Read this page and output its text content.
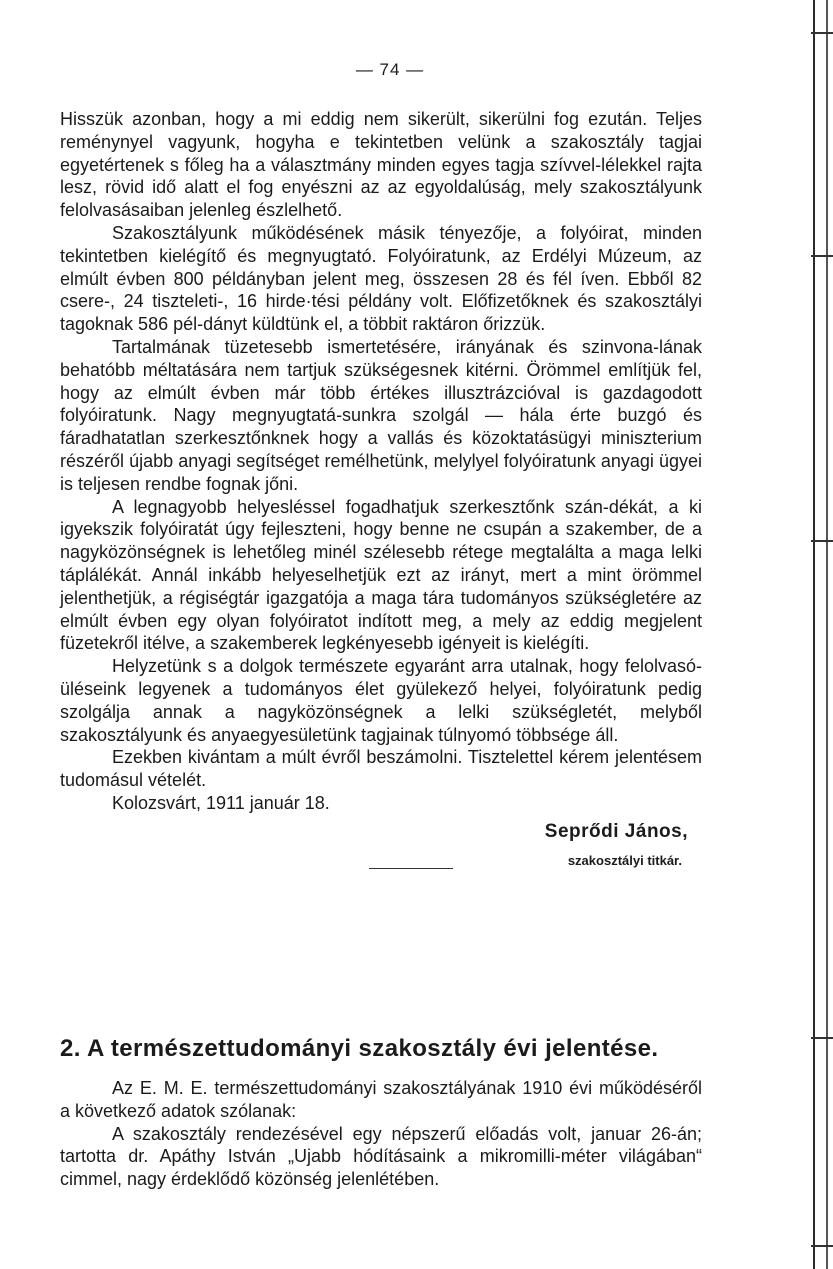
— 74 —

Hisszük azonban, hogy a mi eddig nem sikerült, sikerülni fog ezután. Teljes reménynyel vagyunk, hogyha e tekintetben velünk a szakosztály tagjai egyetértenek s főleg ha a választmány minden egyes tagja szívvel-lélekkel rajta lesz, rövid idő alatt el fog enyészni az az egyoldalúság, mely szakosztályunk felolvasásaiban jelenleg észlelhető.

Szakosztályunk működésének másik tényezője, a folyóirat, minden tekintetben kielégítő és megnyugtató. Folyóiratunk, az Erdélyi Múzeum, az elmúlt évben 800 példányban jelent meg, összesen 28 és fél íven. Ebből 82 csere-, 24 tiszteleti-, 16 hirde·tési példány volt. Előfizetőknek és szakosztályi tagoknak 586 pél-dányt küldtünk el, a többit raktáron őrizzük.

Tartalmának tüzetesebb ismertetésére, irányának és szinvona-lának behatóbb méltatására nem tartjuk szükségesnek kitérni. Örömmel említjük fel, hogy az elmúlt évben már több értékes illusztrázcióval is gazdagodott folyóiratunk. Nagy megnyugtatá-sunkra szolgál — hála érte buzgó és fáradhatatlan szerkesztőnknek hogy a vallás és közoktatásügyi miniszterium részéről újabb anyagi segítséget remélhetünk, melylyel folyóiratunk anyagi ügyei is teljesen rendbe fognak jőni.

A legnagyobb helyesléssel fogadhatjuk szerkesztőnk szán-dékát, a ki igyekszik folyóiratát úgy fejleszteni, hogy benne ne csupán a szakember, de a nagyközönségnek is lehetőleg minél szélesebb rétege megtalálta a maga lelki táplálékát. Annál inkább helyeselhetjük ezt az irányt, mert a mint örömmel jelenthetjük, a régiségtár igazgatója a maga tára tudományos szükségletére az elmúlt évben egy olyan folyóiratot indított meg, a mely az eddig megjelent füzetekről itélve, a szakemberek legkényesebb igényeit is kielégíti.

Helyzetünk s a dolgok természete egyaránt arra utalnak, hogy felolvasó-üléseink legyenek a tudományos élet gyülekező helyei, folyóiratunk pedig szolgálja annak a nagyközönségnek a lelki szükségletét, melyből szakosztályunk és anyaegyesületünk tagjainak túlnyomó többsége áll.

Ezekben kivántam a múlt évről beszámolni. Tisztelettel kérem jelentésem tudomásul vételét.

Kolozsvárt, 1911 január 18.

Seprődi János,
szakosztályi titkár.
2. A természettudományi szakosztály évi jelentése.

Az E. M. E. természettudományi szakosztályának 1910 évi működéséről a következő adatok szólanak:

A szakosztály rendezésével egy népszerű előadás volt, januar 26-án; tartotta dr. Apáthy István „Ujabb hódításaink a mikromilli-méter világában“ cimmel, nagy érdeklődő közönség jelenlétében.
